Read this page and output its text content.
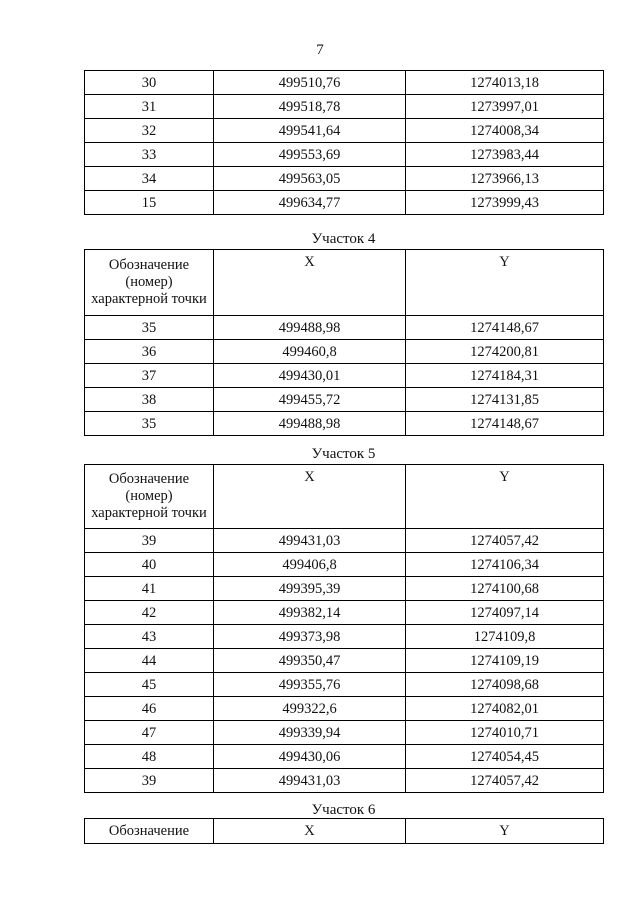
7
30	499510,76	1274013,18
31	499518,78	1273997,01
32	499541,64	1274008,34
33	499553,69	1273983,44
34	499563,05	1273966,13
15	499634,77	1273999,43
Участок 4
Обозначение
(номер)
характерной точки	X	Y
35	499488,98	1274148,67
36	499460,8	1274200,81
37	499430,01	1274184,31
38	499455,72	1274131,85
35	499488,98	1274148,67
Участок 5
Обозначение
(номер)
характерной точки	X	Y
39	499431,03	1274057,42
40	499406,8	1274106,34
41	499395,39	1274100,68
42	499382,14	1274097,14
43	499373,98	1274109,8
44	499350,47	1274109,19
45	499355,76	1274098,68
46	499322,6	1274082,01
47	499339,94	1274010,71
48	499430,06	1274054,45
39	499431,03	1274057,42
Участок 6
Обозначение	X	Y
